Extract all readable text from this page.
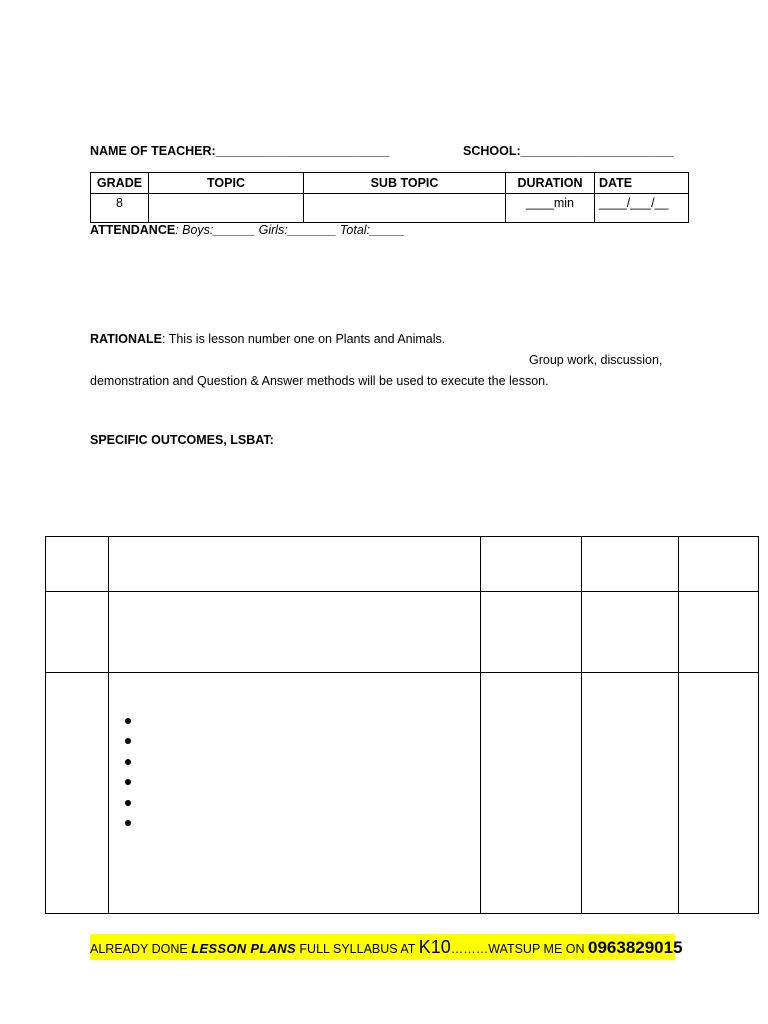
NAME OF TEACHER:_________________________	SCHOOL:______________________
GRADE	TOPIC	SUB TOPIC	DURATION	DATE
8			____min	____/___/__
ATTENDANCE: Boys:______ Girls:_______ Total:_____
RATIONALE: This is lesson number one on Plants and Animals.
Group work, discussion,
demonstration and Question & Answer methods will be used to execute the lesson.
SPECIFIC OUTCOMES, LSBAT:

ALREADY DONE LESSON PLANS FULL SYLLABUS AT K10………WATSUP ME ON 0963829015
